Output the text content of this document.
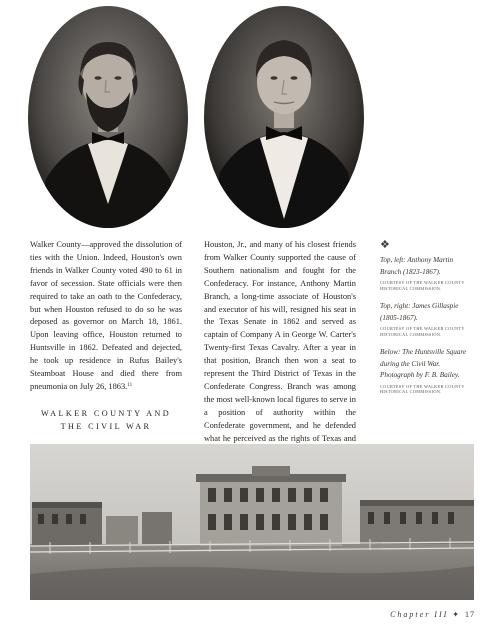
Walker County—approved the dissolution of ties with the Union. Indeed, Houston's own friends in Walker County voted 490 to 61 in favor of secession. State officials were then required to take an oath to the Confederacy, but when Houston refused to do so he was deposed as governor on March 18, 1861. Upon leaving office, Houston returned to Huntsville in 1862. Defeated and dejected, he took up residence in Rufus Bailey's Steamboat House and died there from pneumonia on July 26, 1863.11

WALKER COUNTY AND THE CIVIL WAR

Houston, Jr., and many of his closest friends from Walker County supported the cause of Southern nationalism and fought for the Confederacy. For instance, Anthony Martin Branch, a long-time associate of Houston's and executor of his will, resigned his seat in the Texas Senate in 1862 and served as captain of Company A in George W. Carter's Twenty-first Texas Cavalry. After a year in that position, Branch then won a seat to represent the Third District of Texas in the Confederate Congress. Branch was among the most well-known local figures to serve in a position of authority within the Confederate government, and he defended what he perceived as the rights of Texas and

❖
Top, left: Anthony Martin Branch (1823-1867).
COURTESY OF THE WALKER COUNTY HISTORICAL COMMISSION.
Top, right: James Gillaspie (1805-1867).
COURTESY OF THE WALKER COUNTY HISTORICAL COMMISSION.
Below: The Huntsville Square during the Civil War. Photograph by F. B. Bailey.
COURTESY OF THE WALKER COUNTY HISTORICAL COMMISSION.
Chapter III ✦ 17
